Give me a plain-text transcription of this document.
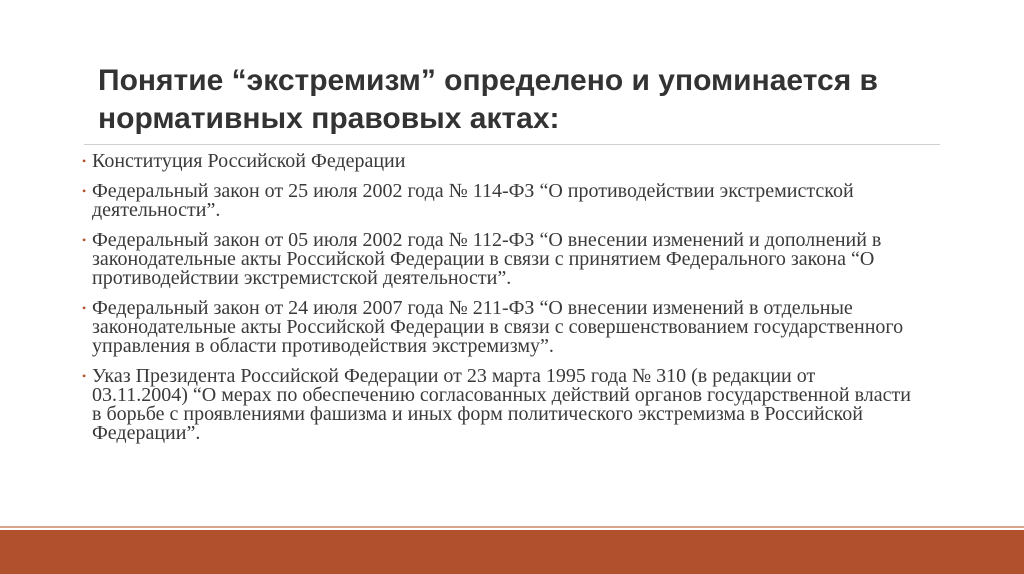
Понятие “экстремизм” определено и упоминается в нормативных правовых актах:
• Конституция Российской Федерации
• Федеральный закон от 25 июля 2002 года № 114-ФЗ “О противодействии экстремистской деятельности”.
• Федеральный закон от 05 июля 2002 года № 112-ФЗ “О внесении изменений и дополнений в законодательные акты Российской Федерации в связи с принятием Федерального закона “О противодействии экстремистской деятельности”.
• Федеральный закон от 24 июля 2007 года № 211-ФЗ “О внесении изменений в отдельные законодательные акты Российской Федерации в связи с совершенствованием государственного управления в области противодействия экстремизму”.
• Указ Президента Российской Федерации от 23 марта 1995 года № 310 (в редакции от 03.11.2004) “О мерах по обеспечению согласованных действий органов государственной власти в борьбе с проявлениями фашизма и иных форм политического экстремизма в Российской Федерации”.
